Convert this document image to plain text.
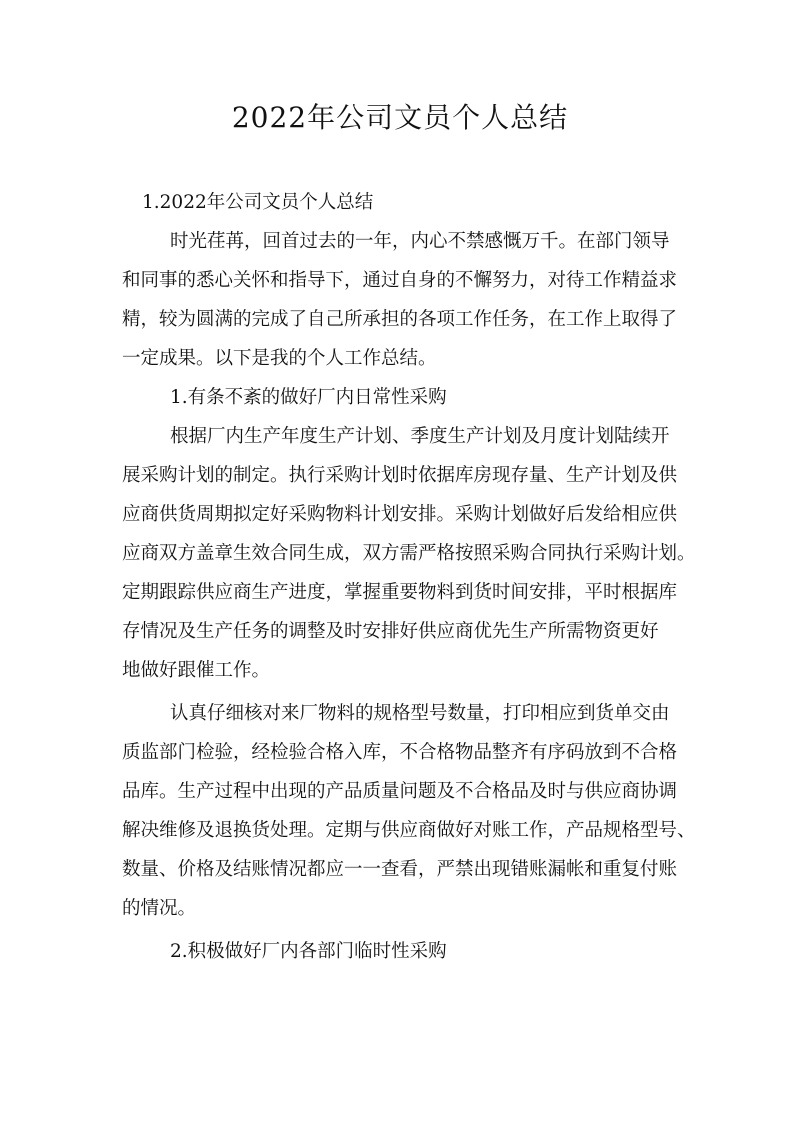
2022年公司文员个人总结
1.2022年公司文员个人总结
时光荏苒，回首过去的一年，内心不禁感慨万千。在部门领导
和同事的悉心关怀和指导下，通过自身的不懈努力，对待工作精益求
精，较为圆满的完成了自己所承担的各项工作任务，在工作上取得了
一定成果。以下是我的个人工作总结。
1.有条不紊的做好厂内日常性采购
根据厂内生产年度生产计划、季度生产计划及月度计划陆续开
展采购计划的制定。执行采购计划时依据库房现存量、生产计划及供
应商供货周期拟定好采购物料计划安排。采购计划做好后发给相应供
应商双方盖章生效合同生成，双方需严格按照采购合同执行采购计划。
定期跟踪供应商生产进度，掌握重要物料到货时间安排，平时根据库
存情况及生产任务的调整及时安排好供应商优先生产所需物资更好
地做好跟催工作。
认真仔细核对来厂物料的规格型号数量，打印相应到货单交由
质监部门检验，经检验合格入库，不合格物品整齐有序码放到不合格
品库。生产过程中出现的产品质量问题及不合格品及时与供应商协调
解决维修及退换货处理。定期与供应商做好对账工作，产品规格型号、
数量、价格及结账情况都应一一查看，严禁出现错账漏帐和重复付账
的情况。
2.积极做好厂内各部门临时性采购
